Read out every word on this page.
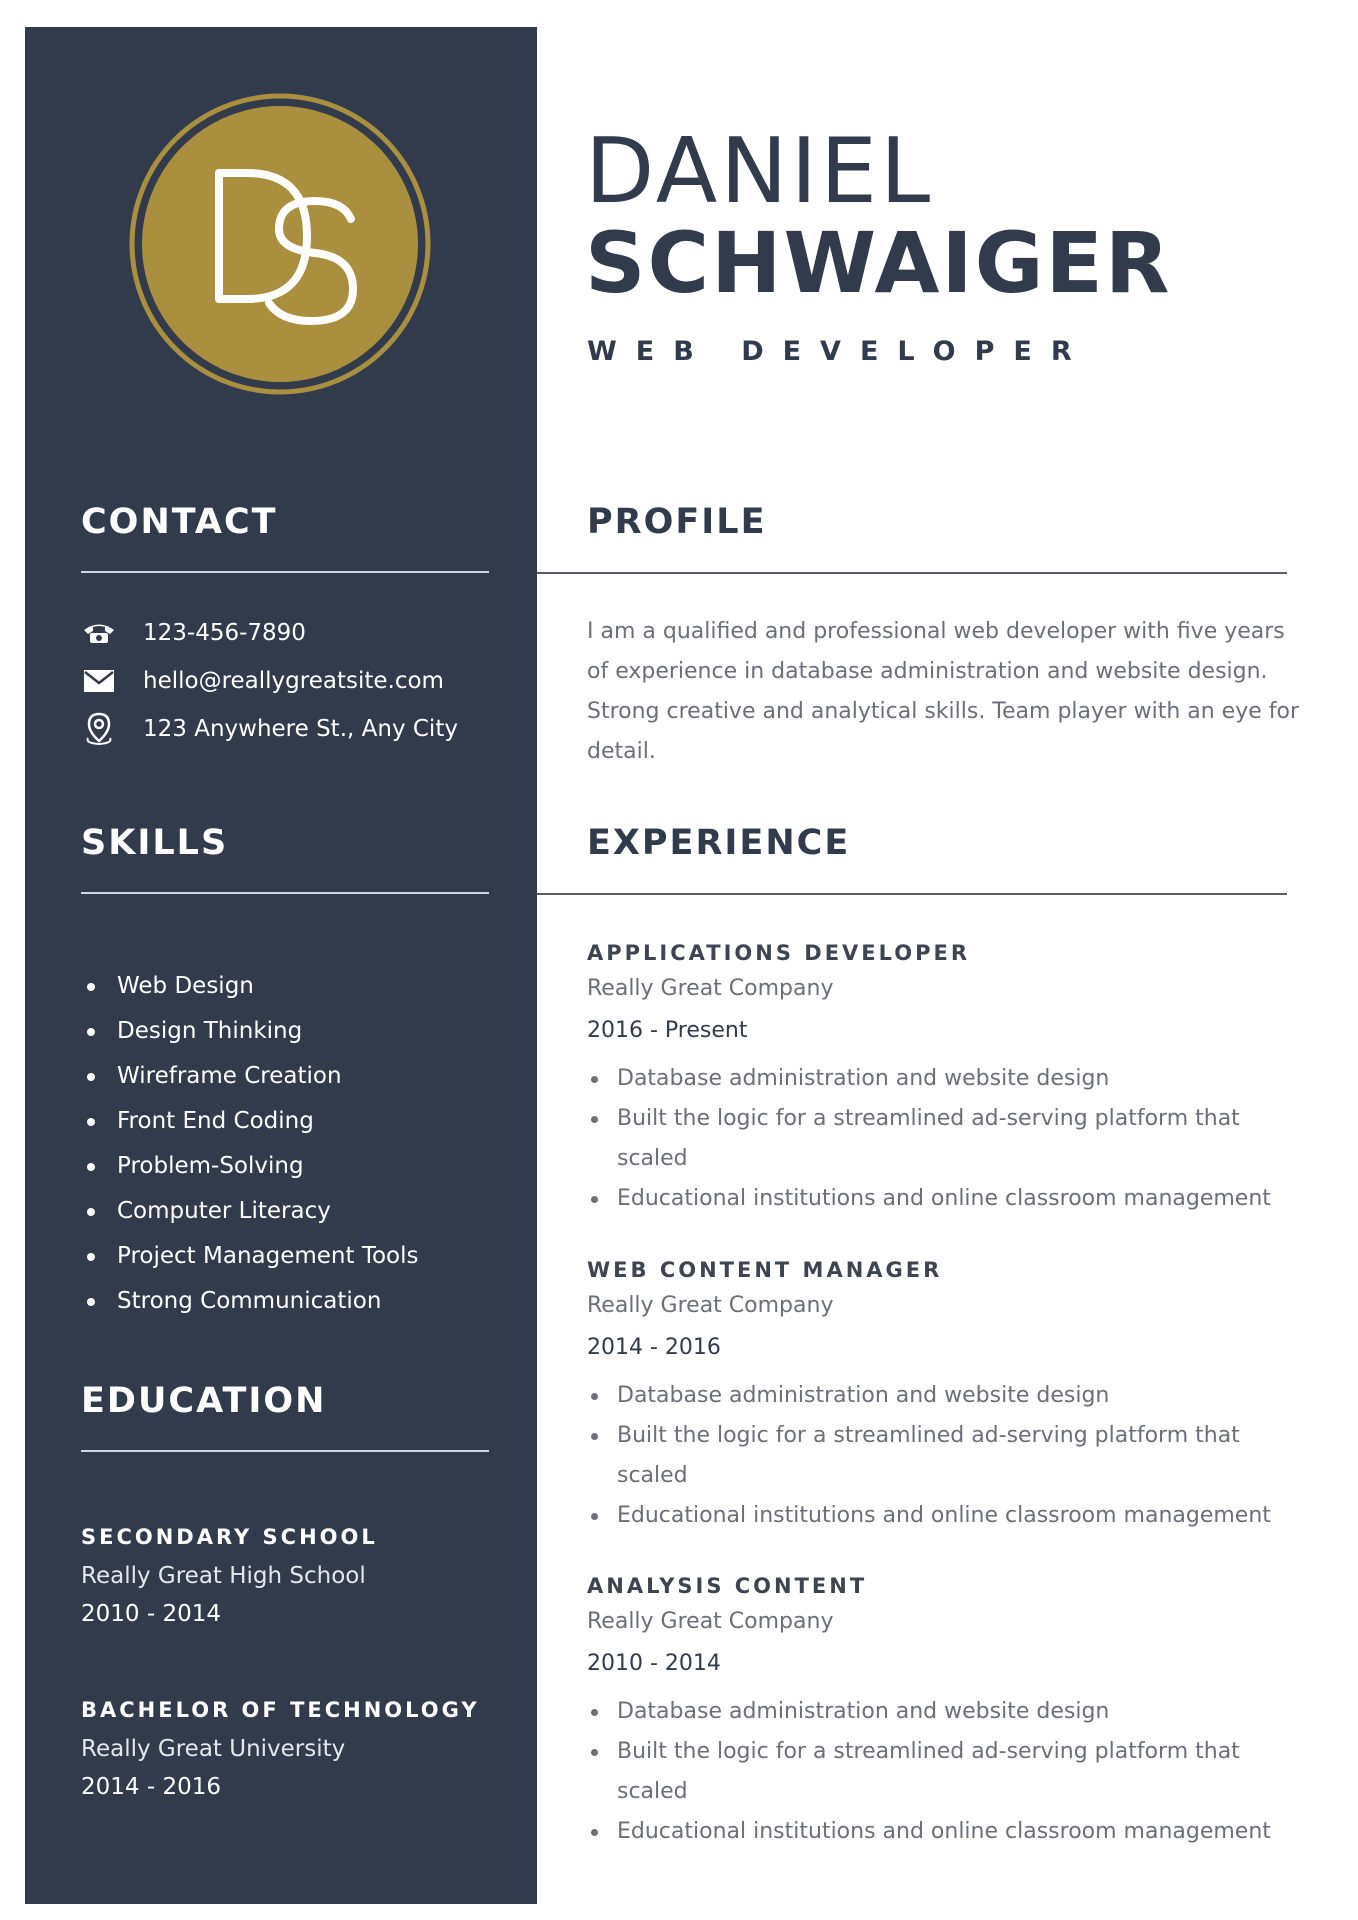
CONTACT
123-456-7890
hello@reallygreatsite.com
123 Anywhere St., Any City
SKILLS
Web Design
Design Thinking
Wireframe Creation
Front End Coding
Problem-Solving
Computer Literacy
Project Management Tools
Strong Communication
EDUCATION

SECONDARY SCHOOL

Really Great High School

2010 - 2014

BACHELOR OF TECHNOLOGY

Really Great University

2014 - 2016

DANIEL
SCHWAIGER

WEB DEVELOPER

PROFILE

I am a qualified and professional web developer with five years of experience in database administration and website design. Strong creative and analytical skills. Team player with an eye for detail.

EXPERIENCE

APPLICATIONS DEVELOPER

Really Great Company

2016 - Present

Database administration and website design
Built the logic for a streamlined ad-serving platform that scaled
Educational institutions and online classroom management

WEB CONTENT MANAGER

Really Great Company

2014 - 2016

Database administration and website design
Built the logic for a streamlined ad-serving platform that scaled
Educational institutions and online classroom management

ANALYSIS CONTENT

Really Great Company

2010 - 2014

Database administration and website design
Built the logic for a streamlined ad-serving platform that scaled
Educational institutions and online classroom management
